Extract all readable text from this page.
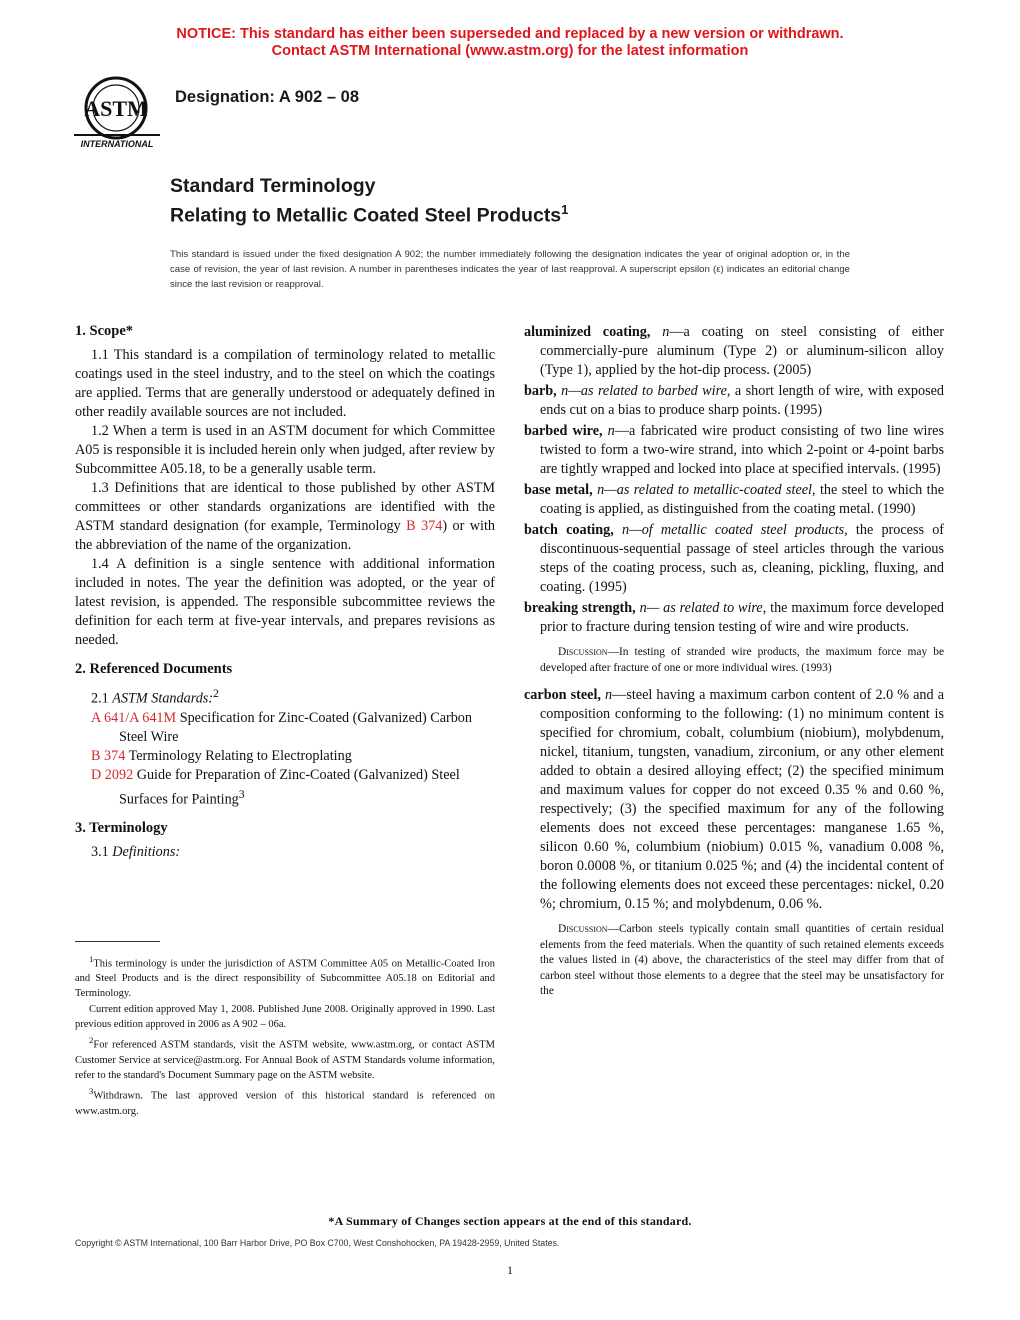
NOTICE: This standard has either been superseded and replaced by a new version or withdrawn.
Contact ASTM International (www.astm.org) for the latest information
ASTM
INTERNATIONAL
Designation: A 902 – 08
Standard Terminology
Relating to Metallic Coated Steel Products$^1$
This standard is issued under the fixed designation A 902; the number immediately following the designation indicates the year of original adoption or, in the case of revision, the year of last revision. A number in parentheses indicates the year of last reapproval. A superscript epsilon (ε) indicates an editorial change since the last revision or reapproval.
1. Scope*

1.1 This standard is a compilation of terminology related to metallic coatings used in the steel industry, and to the steel on which the coatings are applied. Terms that are generally understood or adequately defined in other readily available sources are not included.

1.2 When a term is used in an ASTM document for which Committee A05 is responsible it is included herein only when judged, after review by Subcommittee A05.18, to be a generally usable term.

1.3 Definitions that are identical to those published by other ASTM committees or other standards organizations are identified with the ASTM standard designation (for example, Terminology B 374) or with the abbreviation of the name of the organization.

1.4 A definition is a single sentence with additional information included in notes. The year the definition was adopted, or the year of latest revision, is appended. The responsible subcommittee reviews the definition for each term at five-year intervals, and prepares revisions as needed.

2. Referenced Documents

2.1 ASTM Standards:$^2$

A 641/A 641M Specification for Zinc-Coated (Galvanized) Carbon Steel Wire

B 374 Terminology Relating to Electroplating

D 2092 Guide for Preparation of Zinc-Coated (Galvanized) Steel Surfaces for Painting$^3$

3. Terminology

3.1 Definitions:

$^1$This terminology is under the jurisdiction of ASTM Committee A05 on Metallic-Coated Iron and Steel Products and is the direct responsibility of Subcommittee A05.18 on Editorial and Terminology.

Current edition approved May 1, 2008. Published June 2008. Originally approved in 1990. Last previous edition approved in 2006 as A 902 – 06a.

$^2$For referenced ASTM standards, visit the ASTM website, www.astm.org, or contact ASTM Customer Service at service@astm.org. For Annual Book of ASTM Standards volume information, refer to the standard's Document Summary page on the ASTM website.

$^3$Withdrawn. The last approved version of this historical standard is referenced on www.astm.org.

aluminized coating, n—a coating on steel consisting of either commercially-pure aluminum (Type 2) or aluminum-silicon alloy (Type 1), applied by the hot-dip process. (2005)

barb, n—as related to barbed wire, a short length of wire, with exposed ends cut on a bias to produce sharp points. (1995)

barbed wire, n—a fabricated wire product consisting of two line wires twisted to form a two-wire strand, into which 2-point or 4-point barbs are tightly wrapped and locked into place at specified intervals. (1995)

base metal, n—as related to metallic-coated steel, the steel to which the coating is applied, as distinguished from the coating metal. (1990)

batch coating, n—of metallic coated steel products, the process of discontinuous-sequential passage of steel articles through the various steps of the coating process, such as, cleaning, pickling, fluxing, and coating. (1995)

breaking strength, n— as related to wire, the maximum force developed prior to fracture during tension testing of wire and wire products.

Discussion—In testing of stranded wire products, the maximum force may be developed after fracture of one or more individual wires. (1993)

carbon steel, n—steel having a maximum carbon content of 2.0 % and a composition conforming to the following: (1) no minimum content is specified for chromium, cobalt, columbium (niobium), molybdenum, nickel, titanium, tungsten, vanadium, zirconium, or any other element added to obtain a desired alloying effect; (2) the specified minimum and maximum values for copper do not exceed 0.35 % and 0.60 %, respectively; (3) the specified maximum for any of the following elements does not exceed these percentages: manganese 1.65 %, silicon 0.60 %, columbium (niobium) 0.015 %, vanadium 0.008 %, boron 0.0008 %, or titanium 0.025 %; and (4) the incidental content of the following elements does not exceed these percentages: nickel, 0.20 %; chromium, 0.15 %; and molybdenum, 0.06 %.

Discussion—Carbon steels typically contain small quantities of certain residual elements from the feed materials. When the quantity of such retained elements exceeds the values listed in (4) above, the characteristics of the steel may differ from that of carbon steel without those elements to a degree that the steel may be unsatisfactory for the

*A Summary of Changes section appears at the end of this standard.
Copyright © ASTM International, 100 Barr Harbor Drive, PO Box C700, West Conshohocken, PA 19428-2959, United States.
1
